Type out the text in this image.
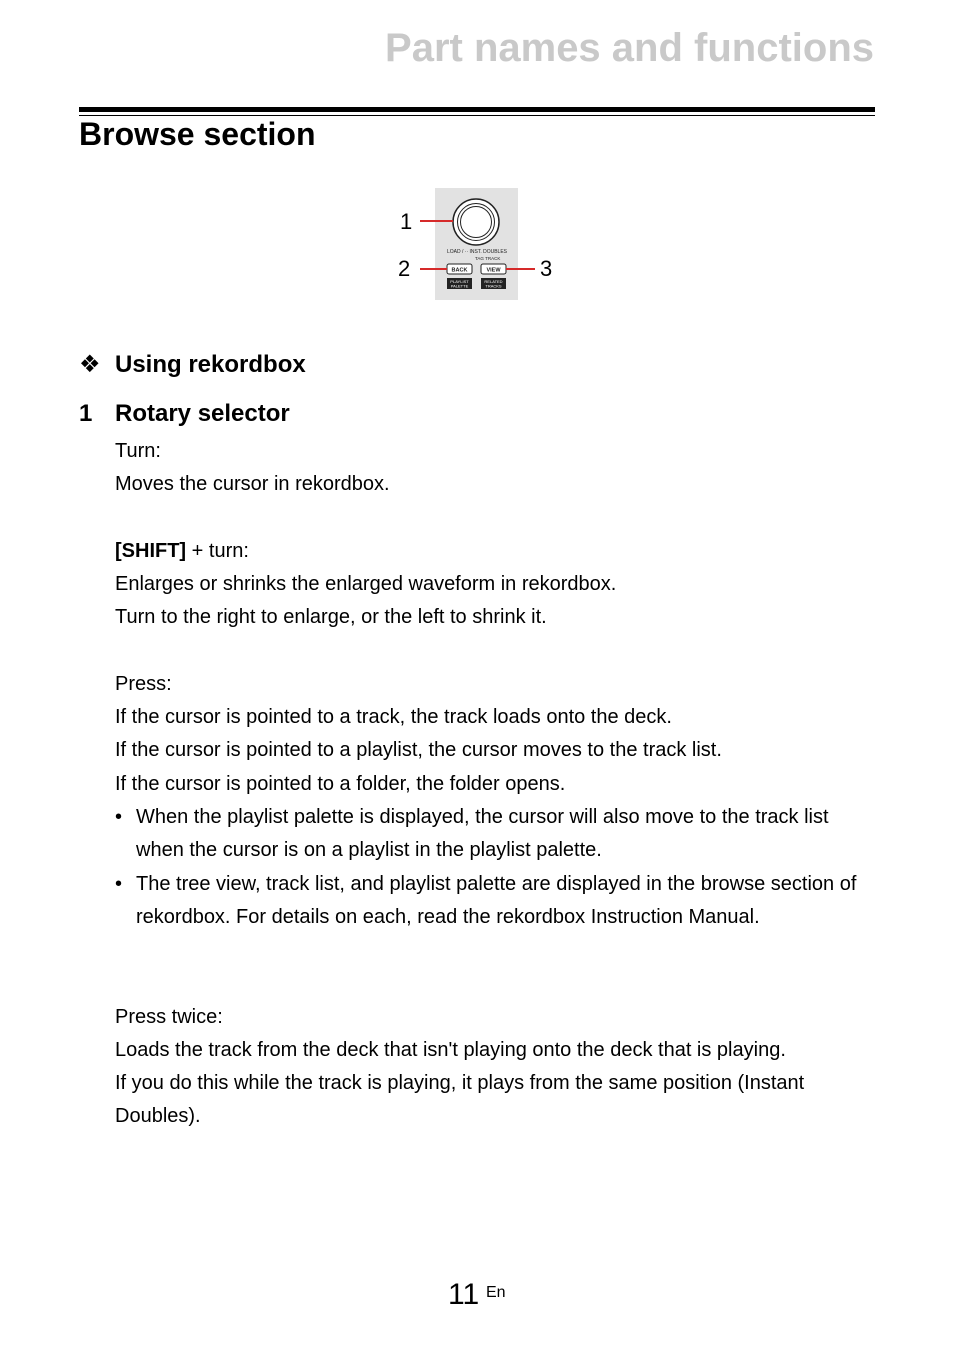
Part names and functions
Browse section
LOAD / ·· INST. DOUBLES
TAG TRACK
BACK	VIEW
PLAYLIST
PALETTE
RELATED
TRACKS
1
2	3
❖ Using rekordbox
1 Rotary selector
Turn:
Moves the cursor in rekordbox.
[SHIFT] + turn:
Enlarges or shrinks the enlarged waveform in rekordbox.
Turn to the right to enlarge, or the left to shrink it.
Press:
If the cursor is pointed to a track, the track loads onto the deck.
If the cursor is pointed to a playlist, the cursor moves to the track list.
If the cursor is pointed to a folder, the folder opens.
• When the playlist palette is displayed, the cursor will also move to the track list when the cursor is on a playlist in the playlist palette.
• The tree view, track list, and playlist palette are displayed in the browse section of rekordbox. For details on each, read the rekordbox Instruction Manual.
Press twice:
Loads the track from the deck that isn't playing onto the deck that is playing.
If you do this while the track is playing, it plays from the same position (Instant Doubles).
11 En
